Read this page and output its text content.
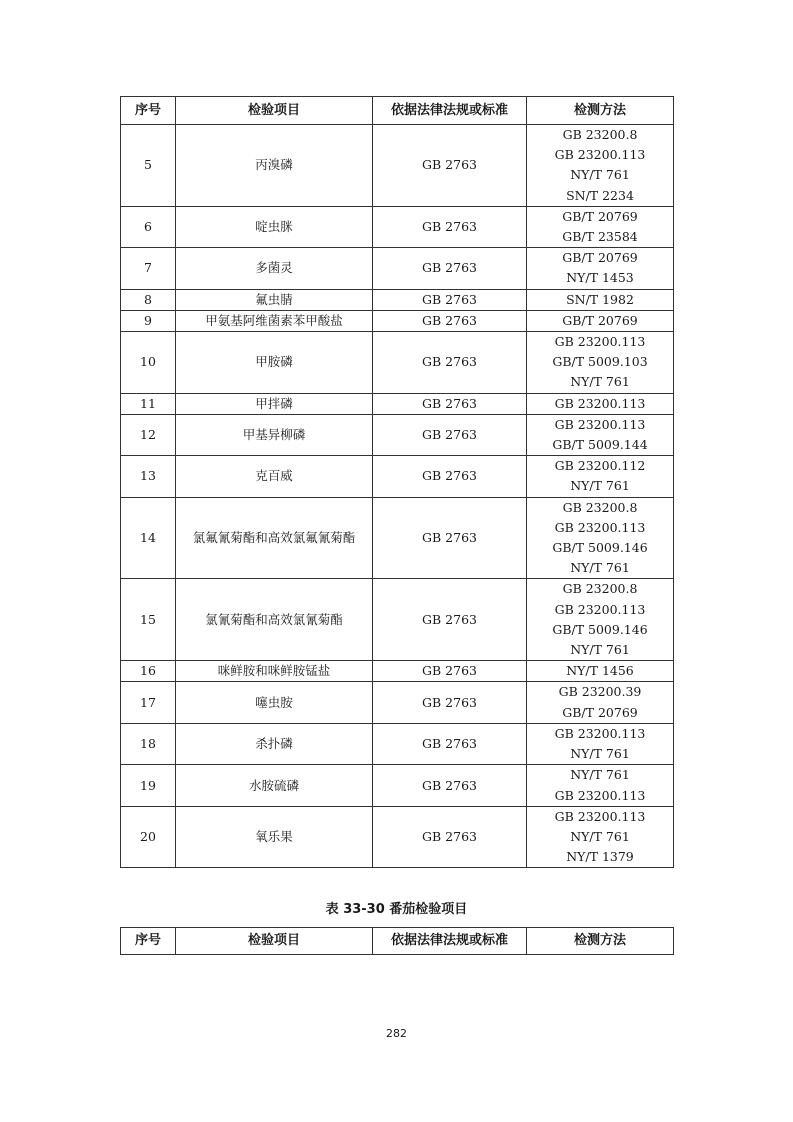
序号	检验项目	依据法律法规或标准	检测方法
5	丙溴磷	GB 2763	GB 23200.8
GB 23200.113
NY/T 761
SN/T 2234

6	啶虫脒	GB 2763	GB/T 20769
GB/T 23584

7	多菌灵	GB 2763	GB/T 20769
NY/T 1453

8	氟虫腈	GB 2763	SN/T 1982

9	甲氨基阿维菌素苯甲酸盐	GB 2763	GB/T 20769

10	甲胺磷	GB 2763	GB 23200.113
GB/T 5009.103
NY/T 761

11	甲拌磷	GB 2763	GB 23200.113

12	甲基异柳磷	GB 2763	GB 23200.113
GB/T 5009.144

13	克百威	GB 2763	GB 23200.112
NY/T 761

14	氯氟氰菊酯和高效氯氟氰菊酯	GB 2763	GB 23200.8
GB 23200.113
GB/T 5009.146
NY/T 761

15	氯氰菊酯和高效氯氰菊酯	GB 2763	GB 23200.8
GB 23200.113
GB/T 5009.146
NY/T 761

16	咪鲜胺和咪鲜胺锰盐	GB 2763	NY/T 1456

17	噻虫胺	GB 2763	GB 23200.39
GB/T 20769

18	杀扑磷	GB 2763	GB 23200.113
NY/T 761

19	水胺硫磷	GB 2763	NY/T 761
GB 23200.113

20	氧乐果	GB 2763	GB 23200.113
NY/T 761
NY/T 1379
表 33-30 番茄检验项目
序号	检验项目	依据法律法规或标准	检测方法
282
